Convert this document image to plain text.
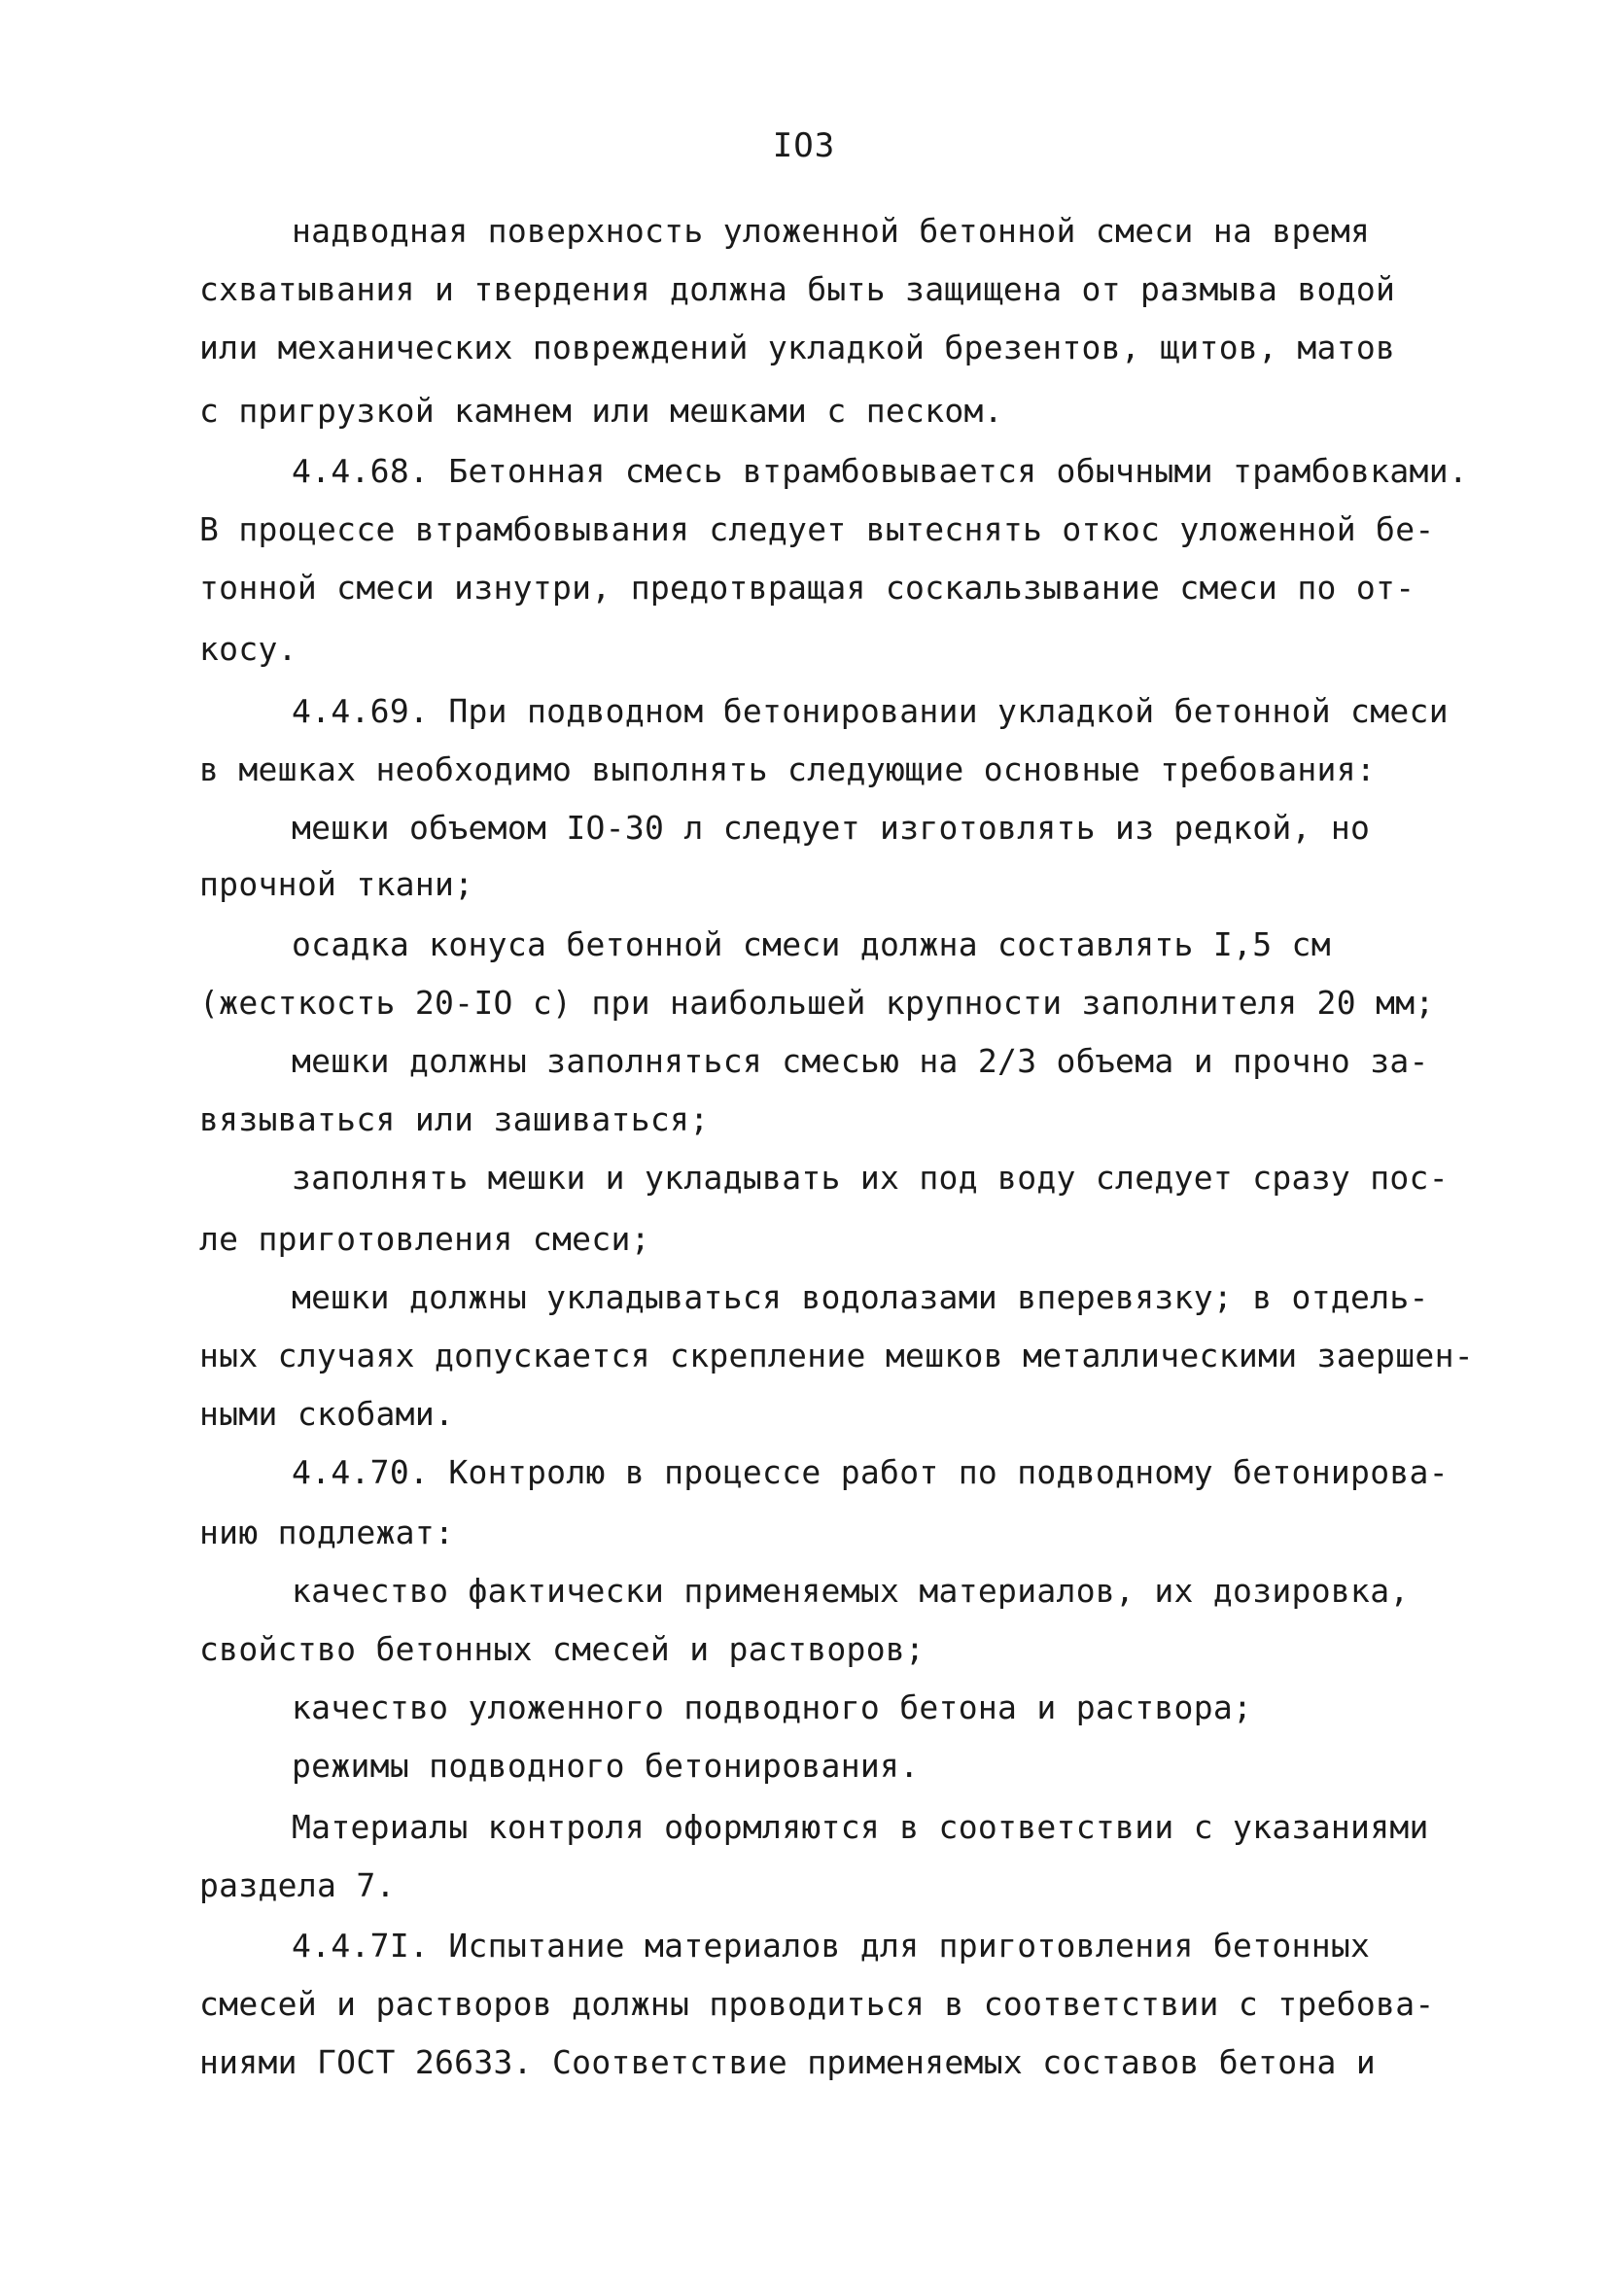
IO3
надводная поверхность уложенной бетонной смеси на время
схватывания и твердения должна быть защищена от размыва водой
или механических повреждений укладкой брезентов, щитов, матов
с пригрузкой камнем или мешками с песком.
4.4.68. Бетонная смесь втрамбовывается обычными трамбовками.
В процессе втрамбовывания следует вытеснять откос уложенной бе-
тонной смеси изнутри, предотвращая соскальзывание смеси по от-
косу.
4.4.69. При подводном бетонировании укладкой бетонной смеси
в мешках необходимо выполнять следующие основные требования:
мешки объемом IO-30 л следует изготовлять из редкой, но
прочной ткани;
осадка конуса бетонной смеси должна составлять I,5 см
(жесткость 20-IO с) при наибольшей крупности заполнителя 20 мм;
мешки должны заполняться смесью на 2/3 объема и прочно за-
вязываться или зашиваться;
заполнять мешки и укладывать их под воду следует сразу пос-
ле приготовления смеси;
мешки должны укладываться водолазами вперевязку; в отдель-
ных случаях допускается скрепление мешков металлическими заершен-
ными скобами.
4.4.70. Контролю в процессе работ по подводному бетонирова-
нию подлежат:
качество фактически применяемых материалов, их дозировка,
свойство бетонных смесей и растворов;
качество уложенного подводного бетона и раствора;
режимы подводного бетонирования.
Материалы контроля оформляются в соответствии с указаниями
раздела 7.
4.4.7I. Испытание материалов для приготовления бетонных
смесей и растворов должны проводиться в соответствии с требова-
ниями ГОСТ 26633. Соответствие применяемых составов бетона и
